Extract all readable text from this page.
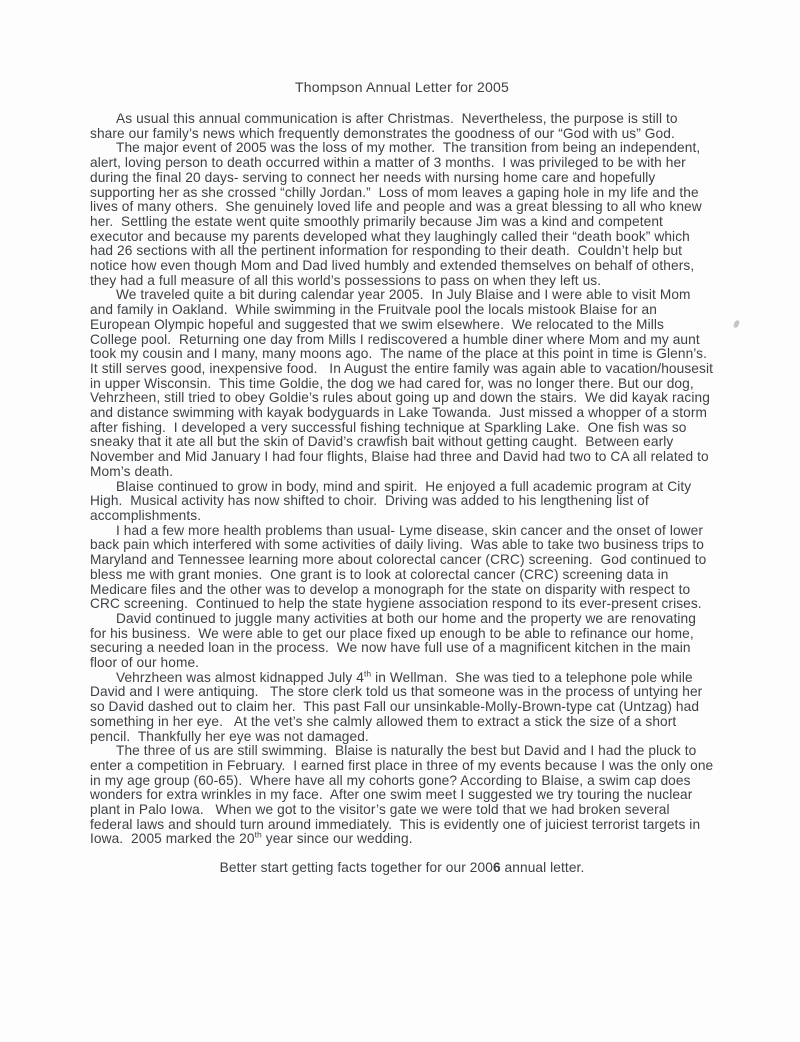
Thompson Annual Letter for 2005

As usual this annual communication is after Christmas.  Nevertheless, the purpose is still to share our family’s news which frequently demonstrates the goodness of our “God with us” God.

The major event of 2005 was the loss of my mother.  The transition from being an independent, alert, loving person to death occurred within a matter of 3 months.  I was privileged to be with her during the final 20 days- serving to connect her needs with nursing home care and hopefully supporting her as she crossed “chilly Jordan.”  Loss of mom leaves a gaping hole in my life and the lives of many others.  She genuinely loved life and people and was a great blessing to all who knew her.  Settling the estate went quite smoothly primarily because Jim was a kind and competent executor and because my parents developed what they laughingly called their “death book” which had 26 sections with all the pertinent information for responding to their death.  Couldn’t help but notice how even though Mom and Dad lived humbly and extended themselves on behalf of others, they had a full measure of all this world’s possessions to pass on when they left us.

We traveled quite a bit during calendar year 2005.  In July Blaise and I were able to visit Mom and family in Oakland.  While swimming in the Fruitvale pool the locals mistook Blaise for an European Olympic hopeful and suggested that we swim elsewhere.  We relocated to the Mills College pool.  Returning one day from Mills I rediscovered a humble diner where Mom and my aunt took my cousin and I many, many moons ago.  The name of the place at this point in time is Glenn’s.  It still serves good, inexpensive food.   In August the entire family was again able to vacation/housesit in upper Wisconsin.  This time Goldie, the dog we had cared for, was no longer there. But our dog, Vehrzheen, still tried to obey Goldie’s rules about going up and down the stairs.  We did kayak racing and distance swimming with kayak bodyguards in Lake Towanda.  Just missed a whopper of a storm after fishing.  I developed a very successful fishing technique at Sparkling Lake.  One fish was so sneaky that it ate all but the skin of David’s crawfish bait without getting caught.  Between early November and Mid January I had four flights, Blaise had three and David had two to CA all related to Mom’s death.

Blaise continued to grow in body, mind and spirit.  He enjoyed a full academic program at City High.  Musical activity has now shifted to choir.  Driving was added to his lengthening list of accomplishments.

I had a few more health problems than usual- Lyme disease, skin cancer and the onset of lower back pain which interfered with some activities of daily living.  Was able to take two business trips to Maryland and Tennessee learning more about colorectal cancer (CRC) screening.  God continued to bless me with grant monies.  One grant is to look at colorectal cancer (CRC) screening data in Medicare files and the other was to develop a monograph for the state on disparity with respect to CRC screening.  Continued to help the state hygiene association respond to its ever-present crises.

David continued to juggle many activities at both our home and the property we are renovating for his business.  We were able to get our place fixed up enough to be able to refinance our home, securing a needed loan in the process.  We now have full use of a magnificent kitchen in the main floor of our home.

Vehrzheen was almost kidnapped July 4th in Wellman.  She was tied to a telephone pole while David and I were antiquing.   The store clerk told us that someone was in the process of untying her so David dashed out to claim her.  This past Fall our unsinkable-Molly-Brown-type cat (Untzag) had something in her eye.   At the vet’s she calmly allowed them to extract a stick the size of a short pencil.  Thankfully her eye was not damaged.

The three of us are still swimming.  Blaise is naturally the best but David and I had the pluck to enter a competition in February.  I earned first place in three of my events because I was the only one in my age group (60-65).  Where have all my cohorts gone? According to Blaise, a swim cap does wonders for extra wrinkles in my face.  After one swim meet I suggested we try touring the nuclear plant in Palo Iowa.   When we got to the visitor’s gate we were told that we had broken several federal laws and should turn around immediately.  This is evidently one of juiciest terrorist targets in Iowa.  2005 marked the 20th year since our wedding.

Better start getting facts together for our 2006 annual letter.
